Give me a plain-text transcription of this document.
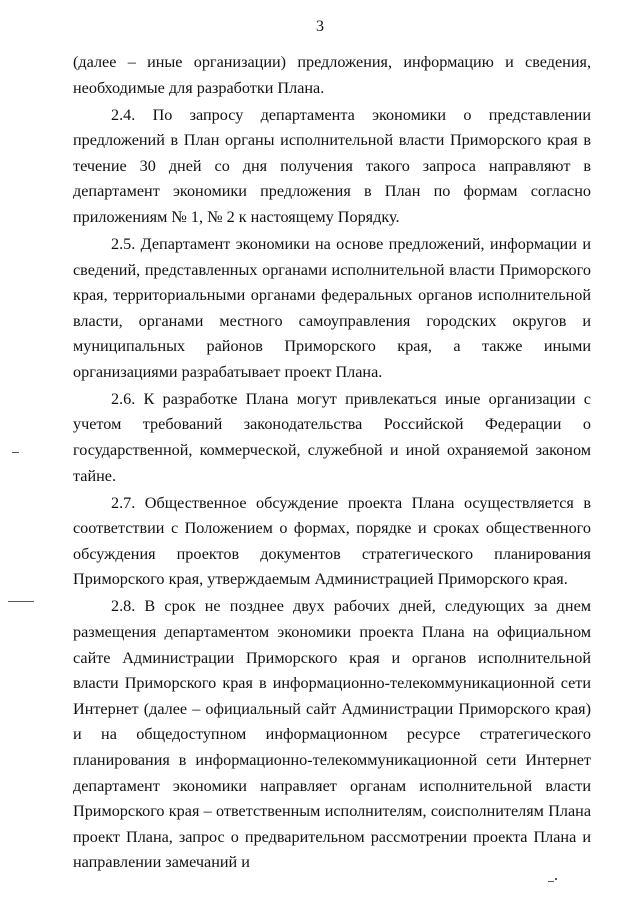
3

(далее – иные организации) предложения, информацию и сведения, необходимые для разработки Плана.

2.4. По запросу департамента экономики о представлении предложений в План органы исполнительной власти Приморского края в течение 30 дней со дня получения такого запроса направляют в департамент экономики предложения в План по формам согласно приложениям № 1, № 2 к настоящему Порядку.

2.5. Департамент экономики на основе предложений, информации и сведений, представленных органами исполнительной власти Приморского края, территориальными органами федеральных органов исполнительной власти, органами местного самоуправления городских округов и муниципальных районов Приморского края, а также иными организациями разрабатывает проект Плана.

2.6. К разработке Плана могут привлекаться иные организации с учетом требований законодательства Российской Федерации о государственной, коммерческой, служебной и иной охраняемой законом тайне.

2.7. Общественное обсуждение проекта Плана осуществляется в соответствии с Положением о формах, порядке и сроках общественного обсуждения проектов документов стратегического планирования Приморского края, утверждаемым Администрацией Приморского края.

2.8. В срок не позднее двух рабочих дней, следующих за днем размещения департаментом экономики проекта Плана на официальном сайте Администрации Приморского края и органов исполнительной власти Приморского края в информационно-телекоммуникационной сети Интернет (далее – официальный сайт Администрации Приморского края) и на общедоступном информационном ресурсе стратегического планирования в информационно-телекоммуникационной сети Интернет департамент экономики направляет органам исполнительной власти Приморского края – ответственным исполнителям, соисполнителям Плана проект Плана, запрос о предварительном рассмотрении проекта Плана и направлении замечаний и
